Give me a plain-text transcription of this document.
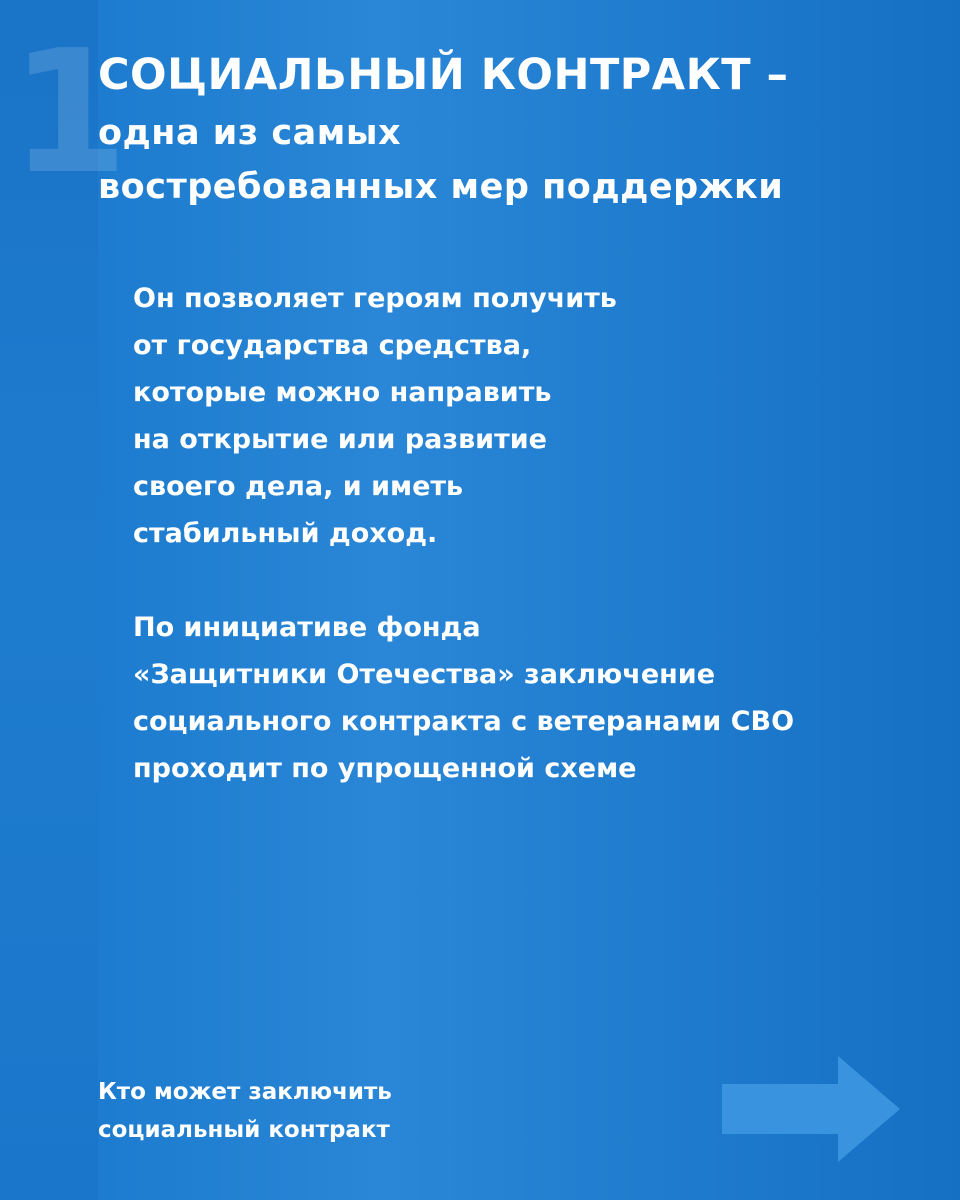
1
СОЦИАЛЬНЫЙ КОНТРАКТ –
одна из самых
востребованных мер поддержки

Он позволяет героям получить
от государства средства,
которые можно направить
на открытие или развитие
своего дела, и иметь
стабильный доход.

По инициативе фонда
«Защитники Отечества» заключение
социального контракта с ветеранами СВО
проходит по упрощенной схеме

Кто может заключить
социальный контракт
